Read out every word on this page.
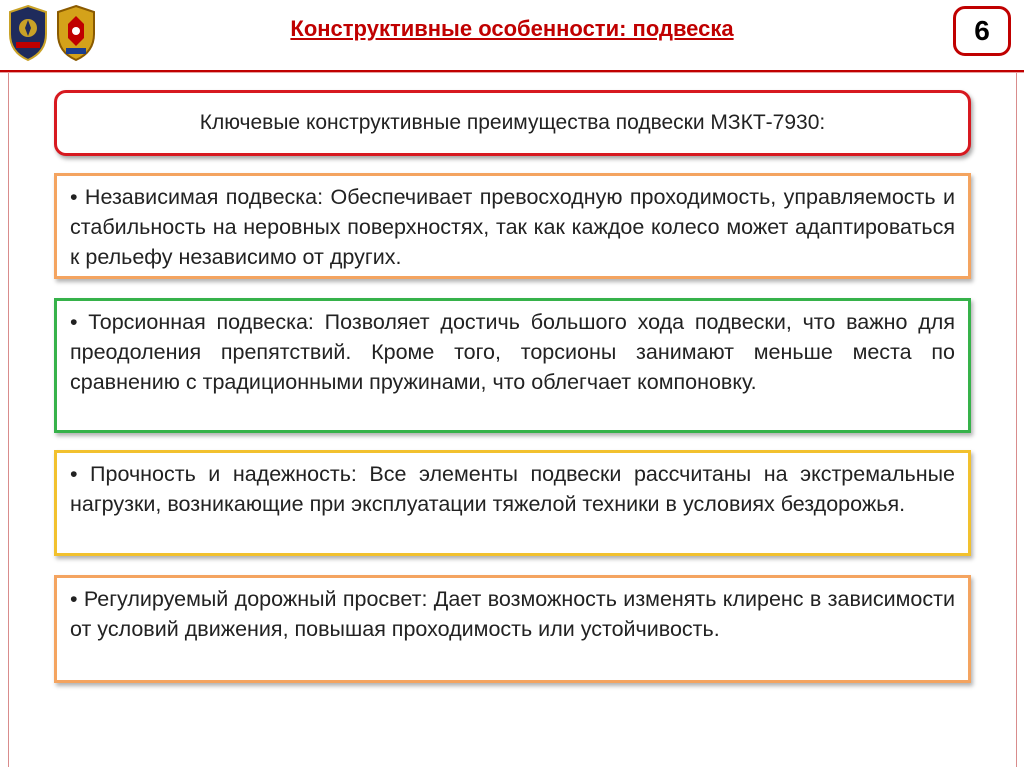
Конструктивные особенности: подвеска	6
Ключевые конструктивные преимущества подвески МЗКТ-7930:
• Независимая подвеска: Обеспечивает превосходную проходимость, управляемость и стабильность на неровных поверхностях, так как каждое колесо может адаптироваться к рельефу независимо от других.
• Торсионная подвеска: Позволяет достичь большого хода подвески, что важно для преодоления препятствий. Кроме того, торсионы занимают меньше места по сравнению с традиционными пружинами, что облегчает компоновку.
• Прочность и надежность: Все элементы подвески рассчитаны на экстремальные нагрузки, возникающие при эксплуатации тяжелой техники в условиях бездорожья.
• Регулируемый дорожный просвет: Дает возможность изменять клиренс в зависимости от условий движения, повышая проходимость или устойчивость.
